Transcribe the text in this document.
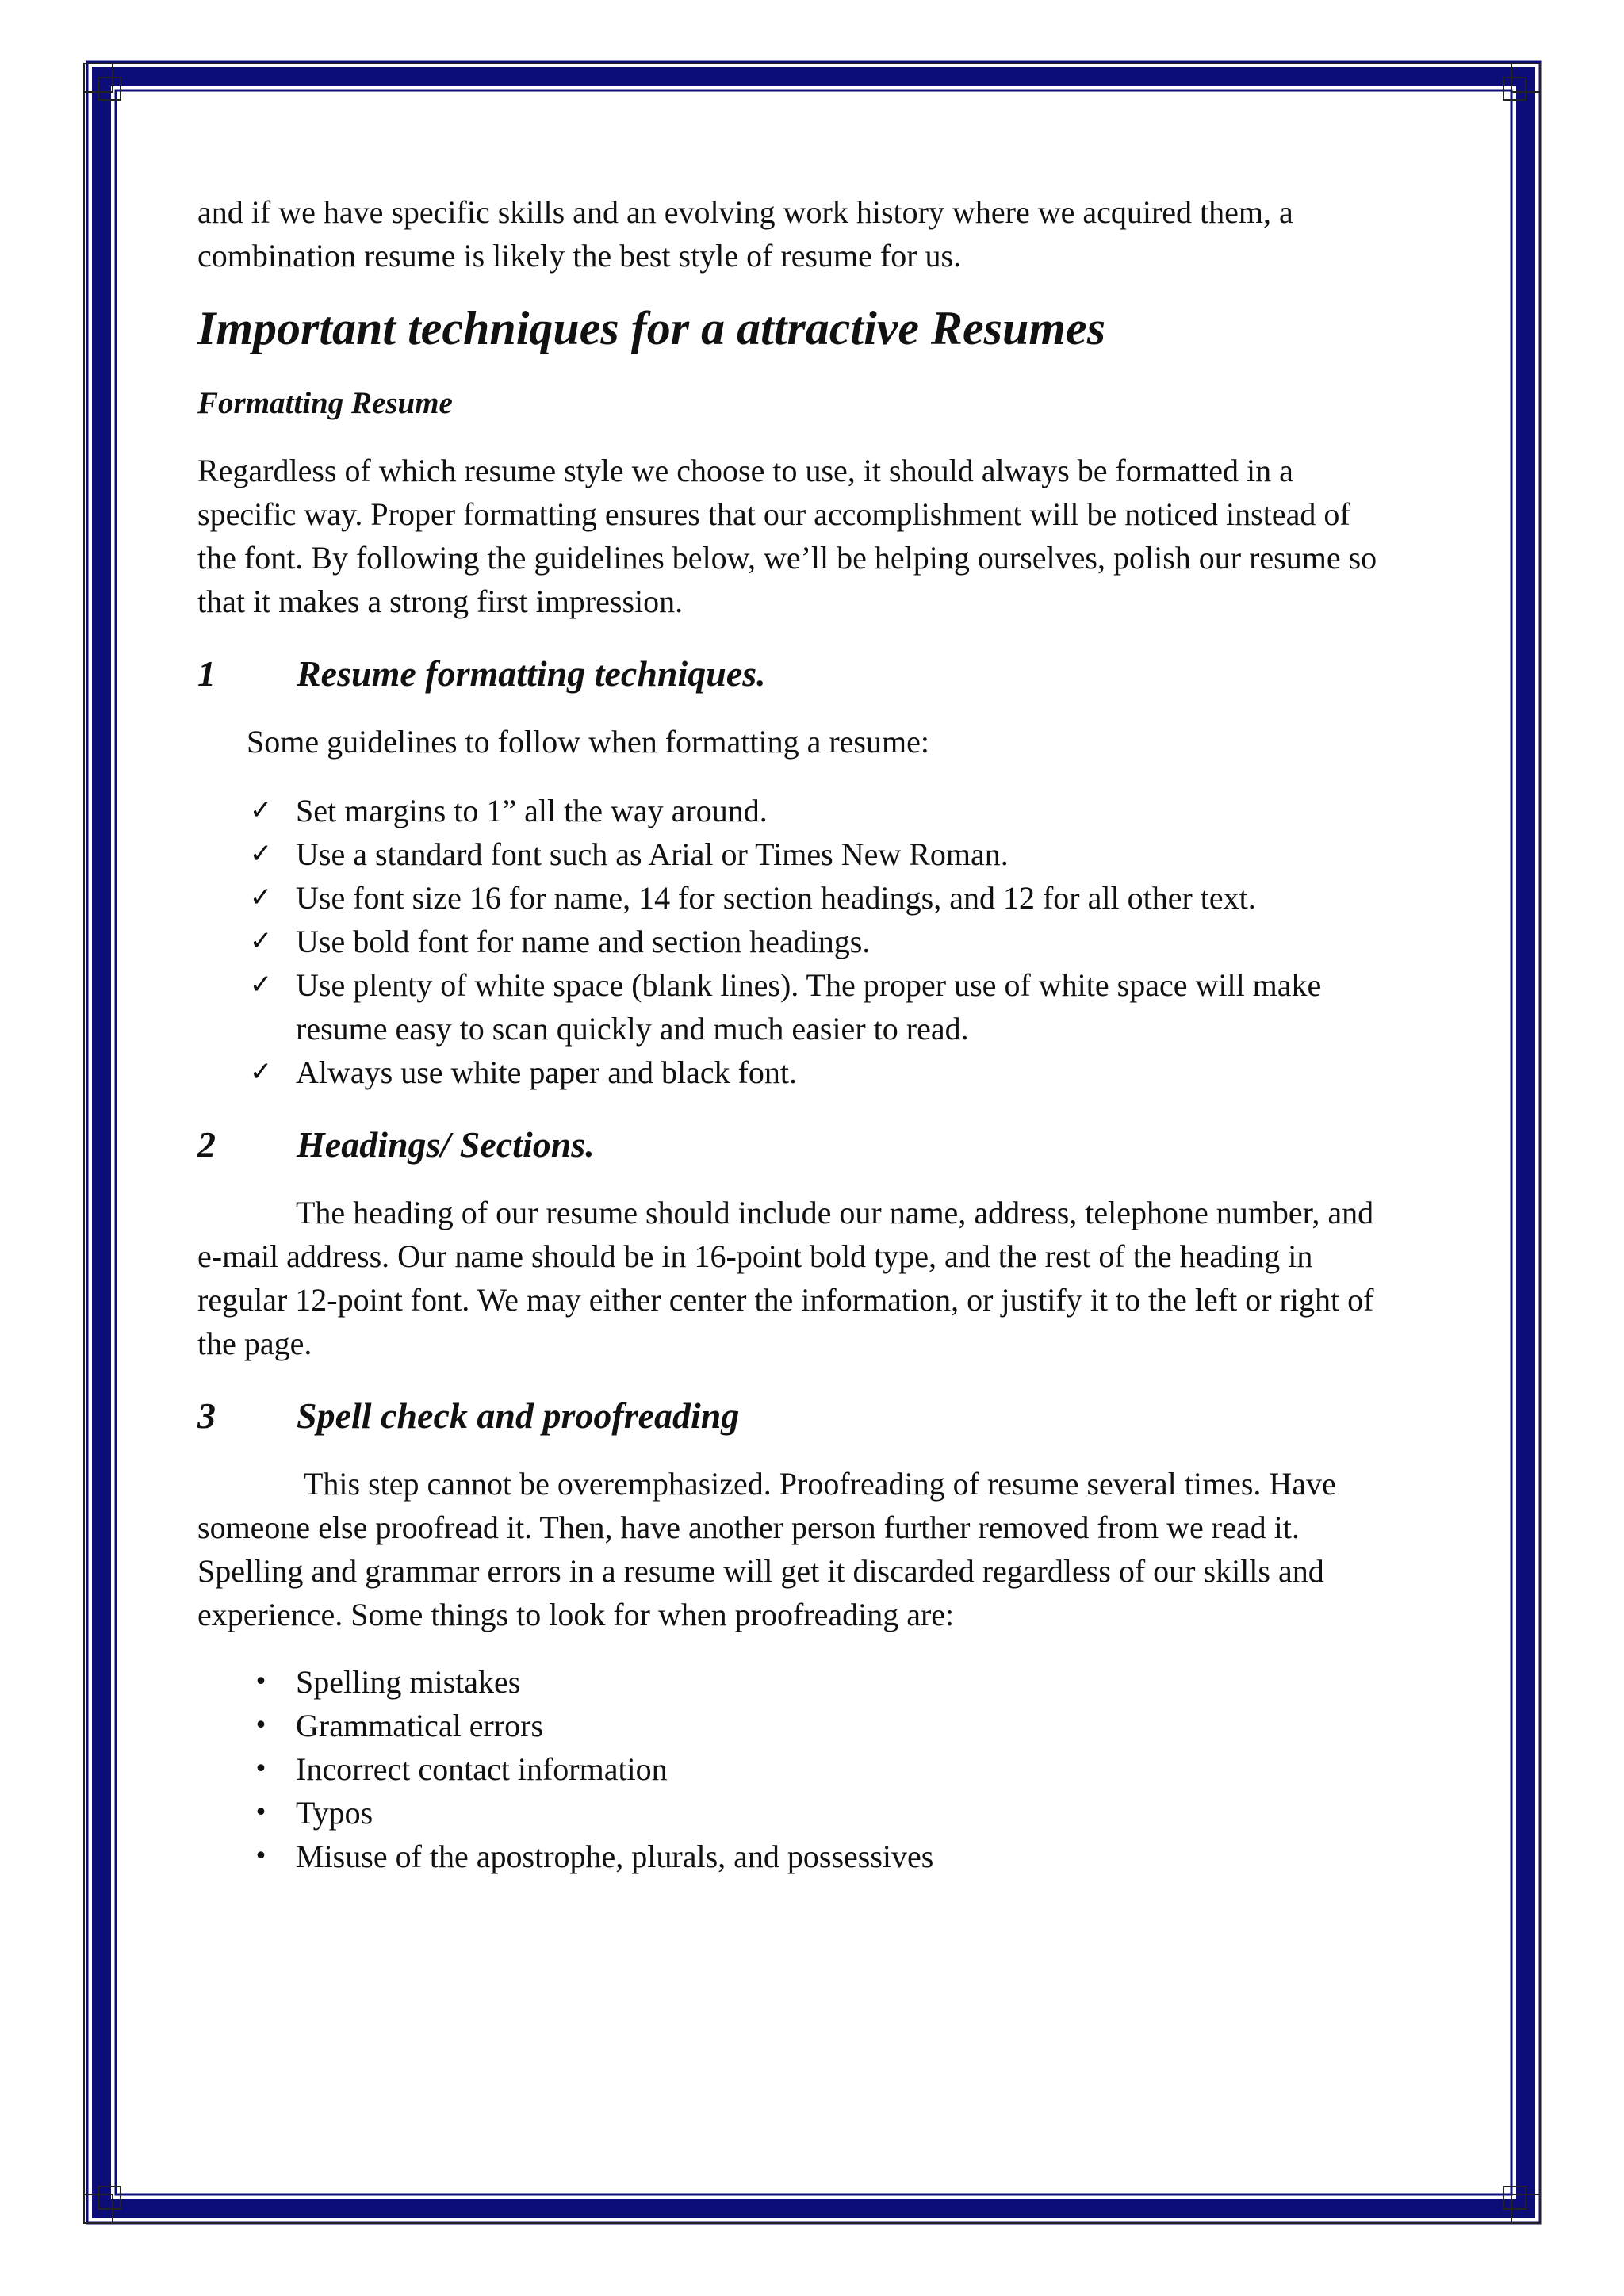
and if we have specific skills and an evolving work history where we acquired them, a
combination resume is likely the best style of resume for us.

Important techniques for a attractive Resumes
Formatting Resume

Regardless of which resume style we choose to use, it should always be formatted in a
specific way. Proper formatting ensures that our accomplishment will be noticed instead of
the font. By following the guidelines below, we’ll be helping ourselves, polish our resume so
that it makes a strong first impression.

1	Resume formatting techniques.

Some guidelines to follow when formatting a resume:

✓ Set margins to 1” all the way around.
✓ Use a standard font such as Arial or Times New Roman.
✓ Use font size 16 for name, 14 for section headings, and 12 for all other text.
✓ Use bold font for name and section headings.
✓ Use plenty of white space (blank lines). The proper use of white space will make
resume easy to scan quickly and much easier to read.
✓ Always use white paper and black font.
2	Headings/ Sections.

The heading of our resume should include our name, address, telephone number, and
e-mail address. Our name should be in 16-point bold type, and the rest of the heading in
regular 12-point font. We may either center the information, or justify it to the left or right of
the page.

3	Spell check and proofreading

This step cannot be overemphasized. Proofreading of resume several times. Have
someone else proofread it. Then, have another person further removed from we read it.
Spelling and grammar errors in a resume will get it discarded regardless of our skills and
experience. Some things to look for when proofreading are:

• Spelling mistakes
• Grammatical errors
• Incorrect contact information
• Typos
• Misuse of the apostrophe, plurals, and possessives
